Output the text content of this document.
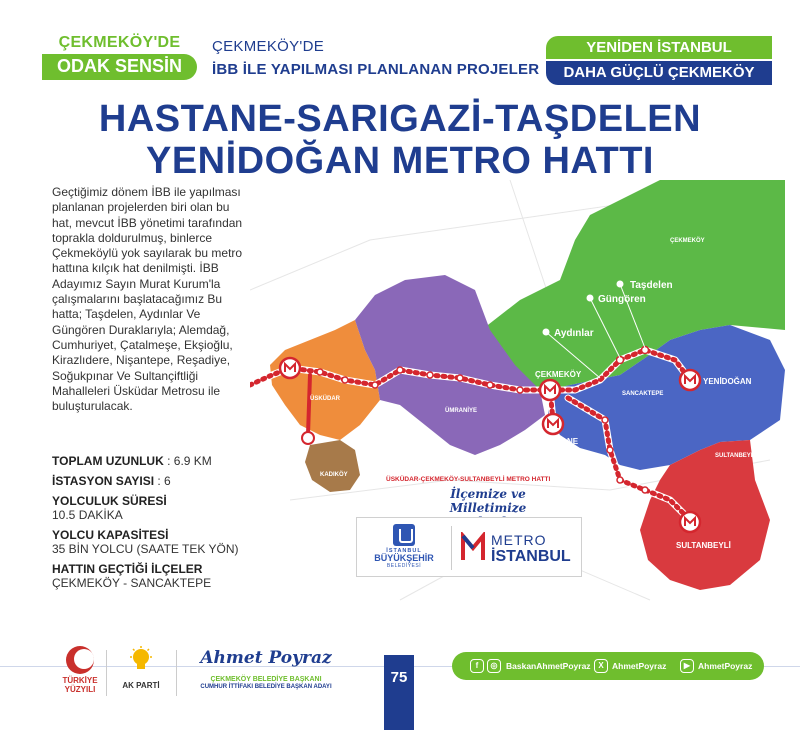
ÇEKMEKÖY'DE
ODAK SENSİN
ÇEKMEKÖY'DE
İBB İLE YAPILMASI PLANLANAN PROJELER
YENİDEN İSTANBUL
DAHA GÜÇLÜ ÇEKMEKÖY
HASTANE-SARIGAZİ-TAŞDELEN
YENİDOĞAN METRO HATTI
Geçtiğimiz dönem İBB ile yapılması planlanan projelerden biri olan bu hat, mevcut İBB yönetimi tarafından toprakla doldurulmuş, binlerce Çekmeköylü yok sayılarak bu metro hattına kılçık hat denilmişti. İBB Adayımız Sayın Murat Kurum'la çalışmalarını başlatacağımız Bu hatta; Taşdelen, Aydınlar Ve Güngören Duraklarıyla; Alemdağ, Cumhuriyet, Çatalmeşe, Ekşioğlu, Kirazlıdere, Nişantepe, Reşadiye, Soğukpınar Ve Sultançiftliği Mahalleleri Üsküdar Metrosu ile buluşturulacak.
TOPLAM UZUNLUK : 6.9 KM
İSTASYON SAYISI : 6
YOLCULUK SÜRESİ
10.5 DAKİKA
YOLCU KAPASİTESİ
35 BİN YOLCU (SAATE TEK YÖN)
HATTIN GEÇTİĞİ İLÇELER
ÇEKMEKÖY - SANCAKTEPE
Taşdelen
Güngören
Aydınlar
ÇEKMEKÖY
HASTANE
YENİDOĞAN
SULTANBEYLİ
SANCAKTEPE
SULTANBEYLİ
ÜSKÜDAR
ÜMRANİYE
KADIKÖY
ÇEKMEKÖY
ÜSKÜDAR-ÇEKMEKÖY-SULTANBEYLİ METRO HATTI
İlçemize ve Milletimize
İSTANBUL
BÜYÜKŞEHİR
BELEDİYESİ
METRO
İSTANBUL
TÜRKİYE YÜZYILI	AK PARTİ
Ahmet Poyraz
ÇEKMEKÖY BELEDİYE BAŞKANI
CUMHUR İTTİFAKI BELEDİYE BAŞKAN ADAYI
75
f	◎	BaskanAhmetPoyraz X AhmetPoyraz	▶ AhmetPoyraz
